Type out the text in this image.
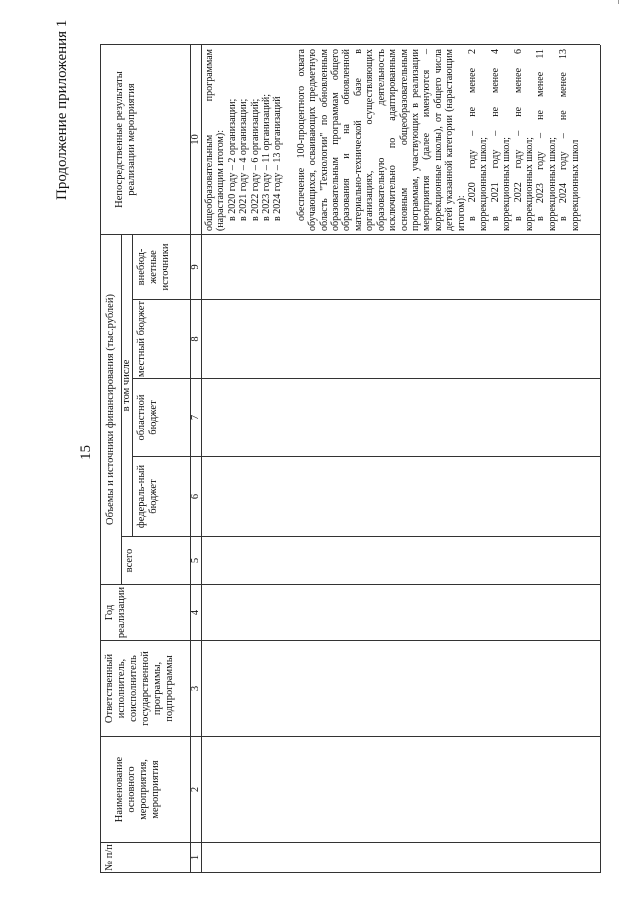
15
Продолжение приложения 1
№ п/п
Наименование основного мероприятия, мероприятия
Ответственный исполнитель, соисполнитель государственной программы, подпрограммы
Год реализации
Объемы и источники финансирования (тыс.рублей)
всего
в том числе
федераль-ный бюджет
областной бюджет
местный бюджет
внебюд-жетные источники
Непосредственные результаты реализации мероприятия
1
2
3
4
5
6
7
8
9
10 общеобразовательным программам (нарастающим итогом): в 2020 году – 2 организации; в 2021 году – 4 организации; в 2022 году – 6 организаций; в 2023 году – 11 организаций; в 2024 году – 13 организаций обеспечение 100-процентного охвата обучающихся, осваивающих предметную область "Технологии" по обновленным образовательным программам общего образования и на обновленной материально-технической базе в организациях, осуществляющих образовательную деятельность исключительно по адаптированным основным общеобразовательным программам, участвующих в реализации мероприятия (далее именуются – коррекционные школы), от общего числа детей указанной категории (нарастающим итогом): в 2020 году – не менее 2 коррекционных школ; в 2021 году – не менее 4 коррекционных школ; в 2022 году – не менее 6 коррекционных школ; в 2023 году – не менее 11 коррекционных школ; в 2024 году – не менее 13 коррекционных школ
